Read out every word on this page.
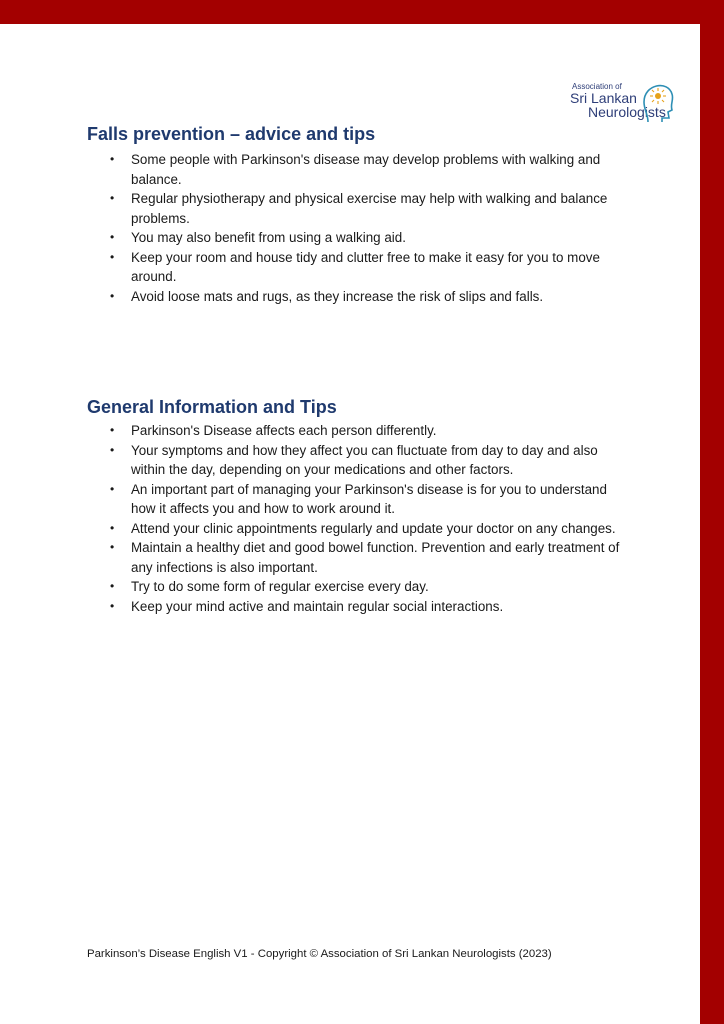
Association of
Sri Lankan
Neurologists
Falls prevention – advice and tips
• Some people with Parkinson's disease may develop problems with walking and balance.
• Regular physiotherapy and physical exercise may help with walking and balance problems.
• You may also benefit from using a walking aid.
• Keep your room and house tidy and clutter free to make it easy for you to move around.
• Avoid loose mats and rugs, as they increase the risk of slips and falls.
General Information and Tips
• Parkinson's Disease affects each person differently.
• Your symptoms and how they affect you can fluctuate from day to day and also within the day, depending on your medications and other factors.
• An important part of managing your Parkinson's disease is for you to understand how it affects you and how to work around it.
• Attend your clinic appointments regularly and update your doctor on any changes.
• Maintain a healthy diet and good bowel function. Prevention and early treatment of any infections is also important.
• Try to do some form of regular exercise every day.
• Keep your mind active and maintain regular social interactions.
Parkinson’s Disease English V1 - Copyright © Association of Sri Lankan Neurologists (2023)
